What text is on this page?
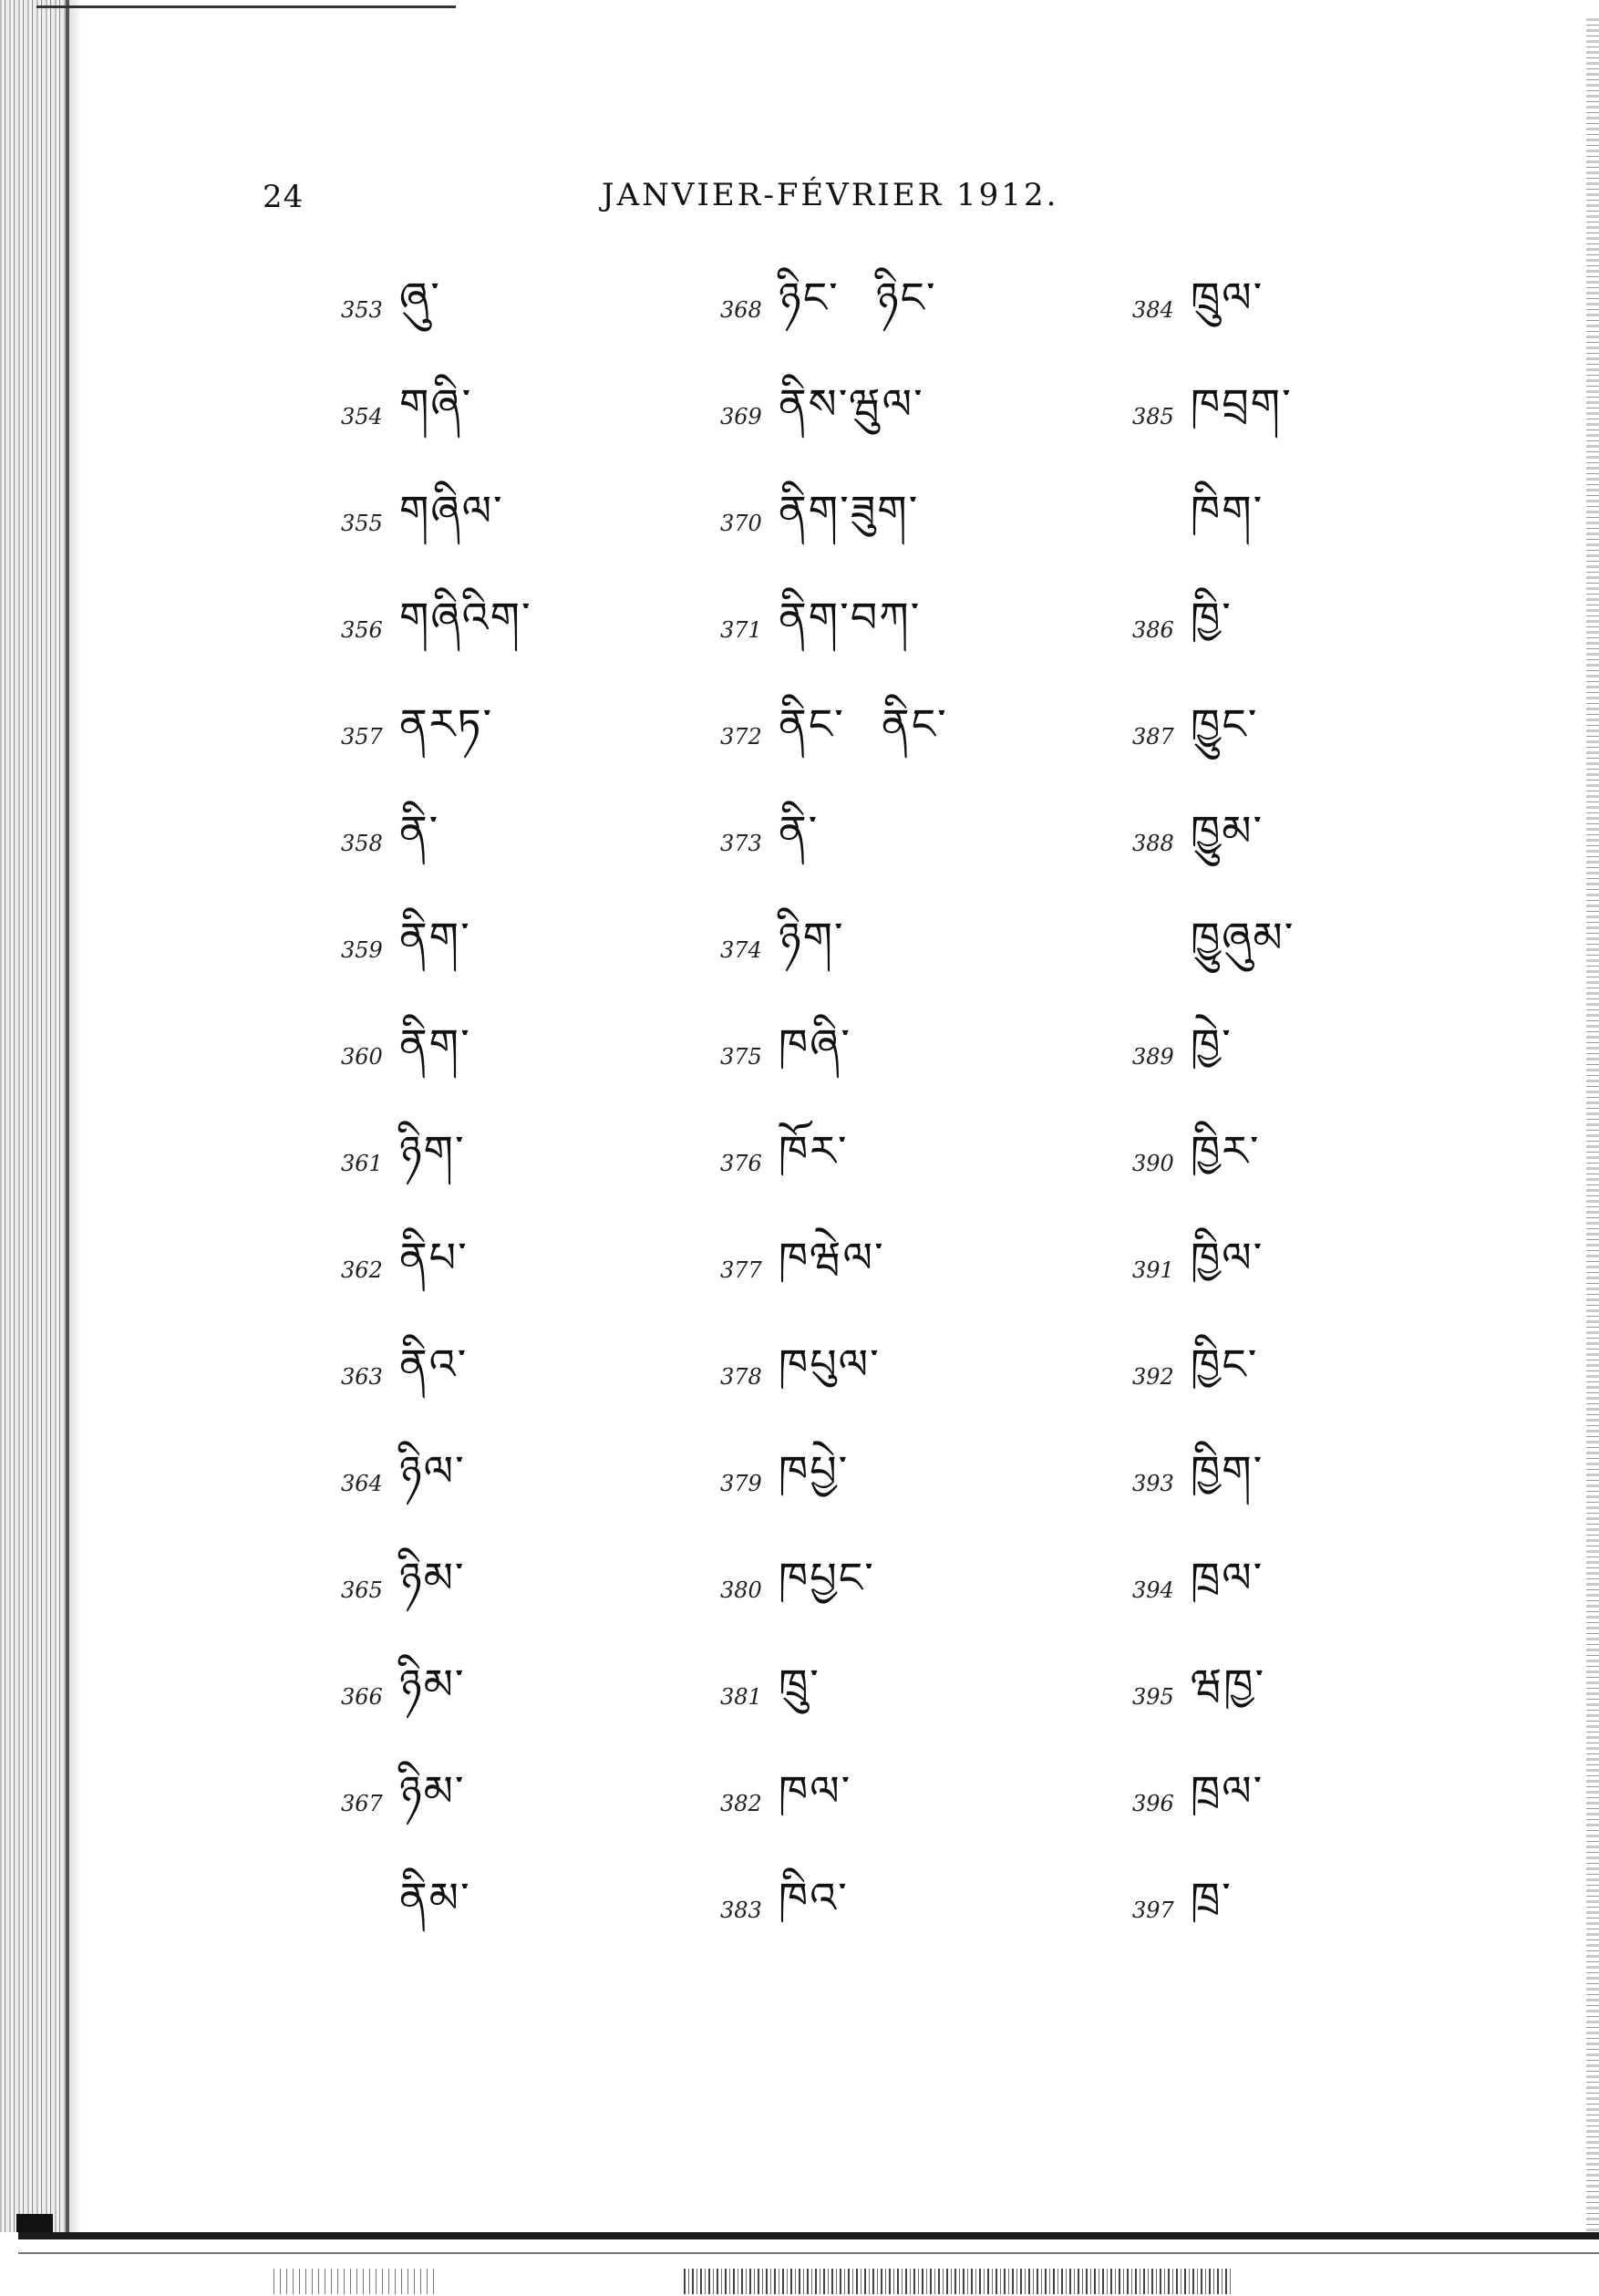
24	JANVIER-FÉVRIER 1912.
353 ཞུ་
354 གཞི་
355 གཞིལ་
356 གཞིའིག་
357 ནརཏ་
358 ནི་
359 ནིག་
360 ནིག་
361 ཉིག་
362 ནིཔ་
363 ནིའ་
364 ཉིལ་
365 ཉིམ་
366 ཉིམ་
367 ཉིམ་
ནིམ་
368 ཉིང་ ཉིང་
369 ནིས་ཝུལ་
370 ནིག་ཟུག་
371 ནིག་བཀ་
372 ནིང་ ནིང་
373 ནི་
374 ཉིག་
375 ཁཞི་
376 ཁོར་
377 ཁཝེལ་
378 ཁཔུལ་
379 ཁཔྱེ་
380 ཁཔྱང་
381 ཁྲུ་
382 ཁལ་
383 ཁིའ་
384 ཁྲུལ་
385 ཁབྲག་
ཁིག་
386 ཁྱི་
387 ཁྱུང་
388 ཁྱུམ་
ཁྱུཞུམ་
389 ཁྱེ་
390 ཁྱིར་
391 ཁྱིལ་
392 ཁྱིང་
393 ཁྱིག་
394 ཁྲལ་
395 ཝཁྱ་
396 ཁྲལ་
397 ཁྲ་
